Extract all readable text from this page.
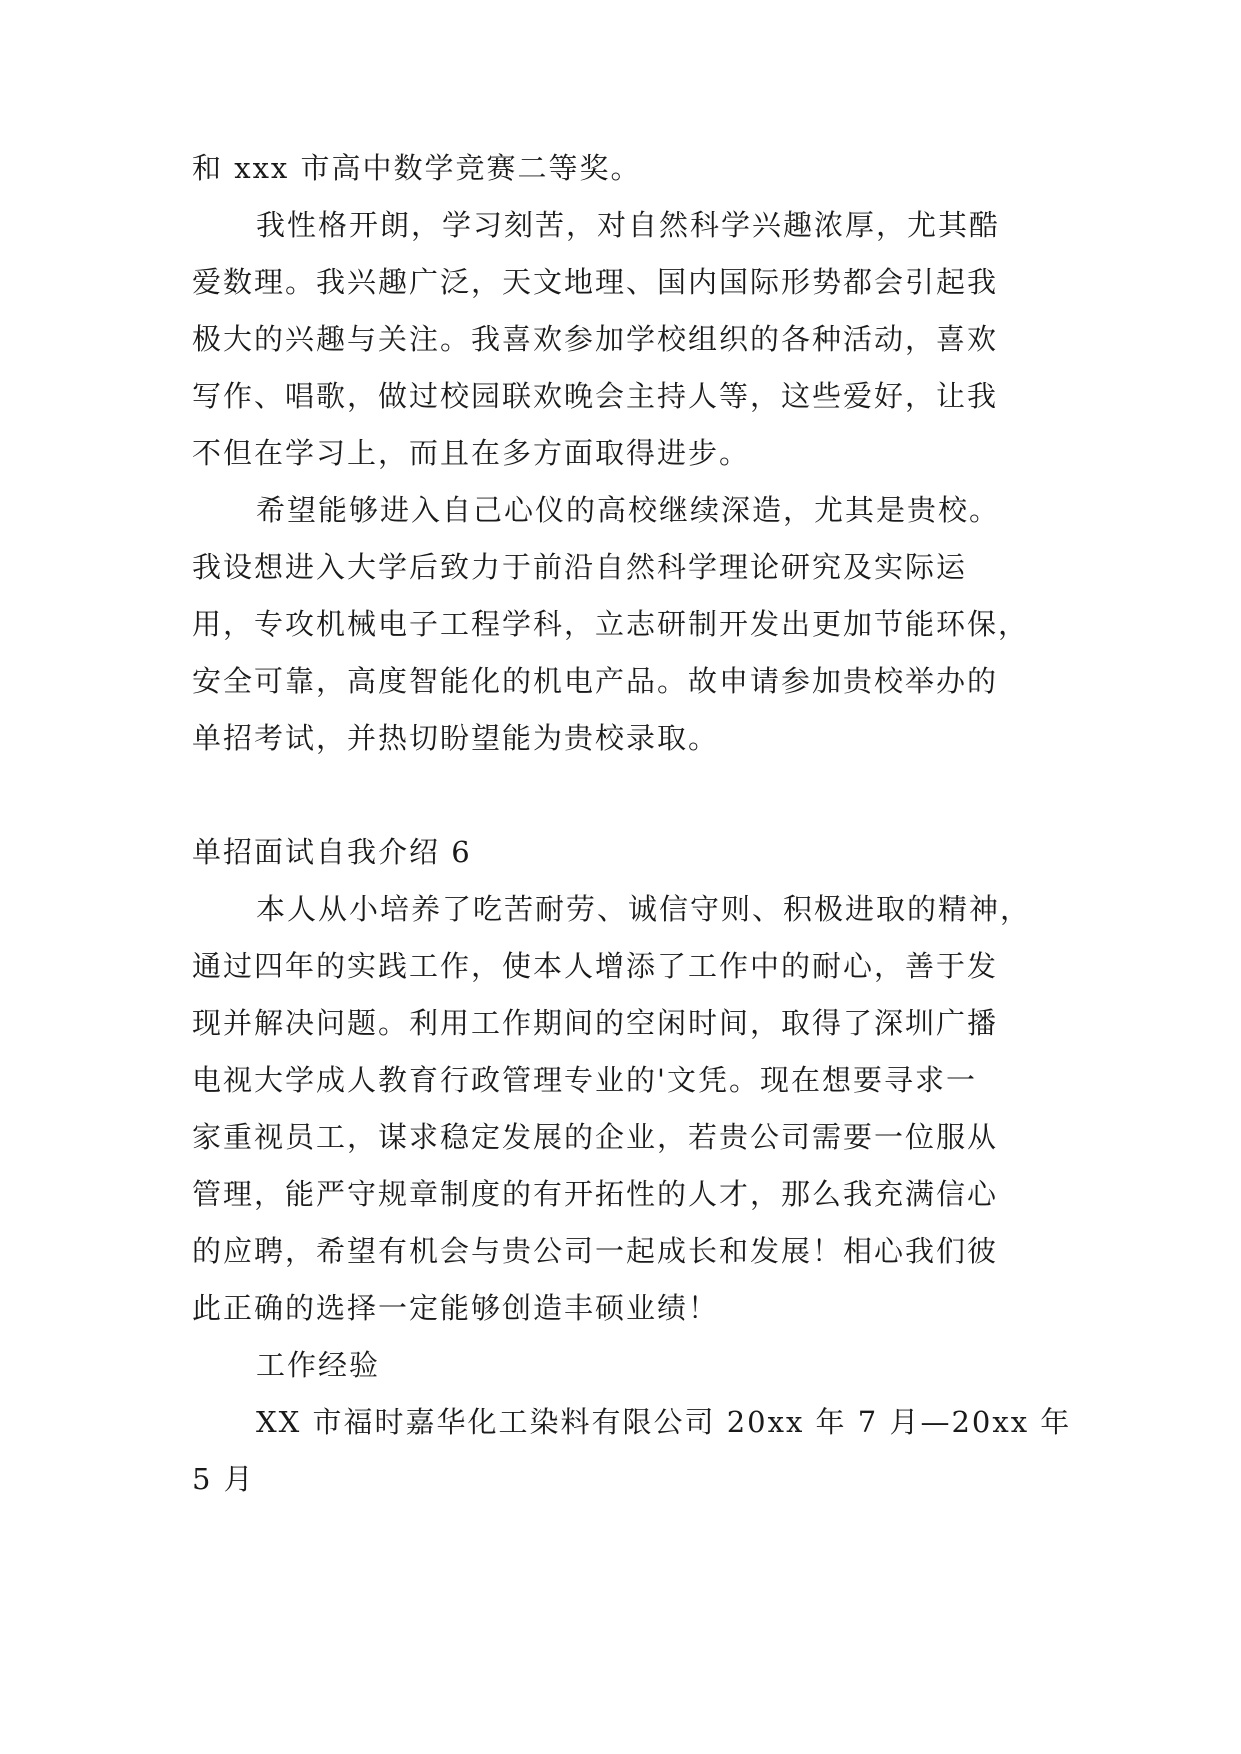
和 xxx 市高中数学竞赛二等奖。
我性格开朗，学习刻苦，对自然科学兴趣浓厚，尤其酷
爱数理。我兴趣广泛，天文地理、国内国际形势都会引起我
极大的兴趣与关注。我喜欢参加学校组织的各种活动，喜欢
写作、唱歌，做过校园联欢晚会主持人等，这些爱好，让我
不但在学习上，而且在多方面取得进步。
希望能够进入自己心仪的高校继续深造，尤其是贵校。
我设想进入大学后致力于前沿自然科学理论研究及实际运
用，专攻机械电子工程学科，立志研制开发出更加节能环保，
安全可靠，高度智能化的机电产品。故申请参加贵校举办的
单招考试，并热切盼望能为贵校录取。
单招面试自我介绍 6
本人从小培养了吃苦耐劳、诚信守则、积极进取的精神，
通过四年的实践工作，使本人增添了工作中的耐心，善于发
现并解决问题。利用工作期间的空闲时间，取得了深圳广播
电视大学成人教育行政管理专业的'文凭。现在想要寻求一
家重视员工，谋求稳定发展的企业，若贵公司需要一位服从
管理，能严守规章制度的有开拓性的人才，那么我充满信心
的应聘，希望有机会与贵公司一起成长和发展！相心我们彼
此正确的选择一定能够创造丰硕业绩！
工作经验
XX 市福时嘉华化工染料有限公司 20xx 年 7 月—20xx 年
5 月
